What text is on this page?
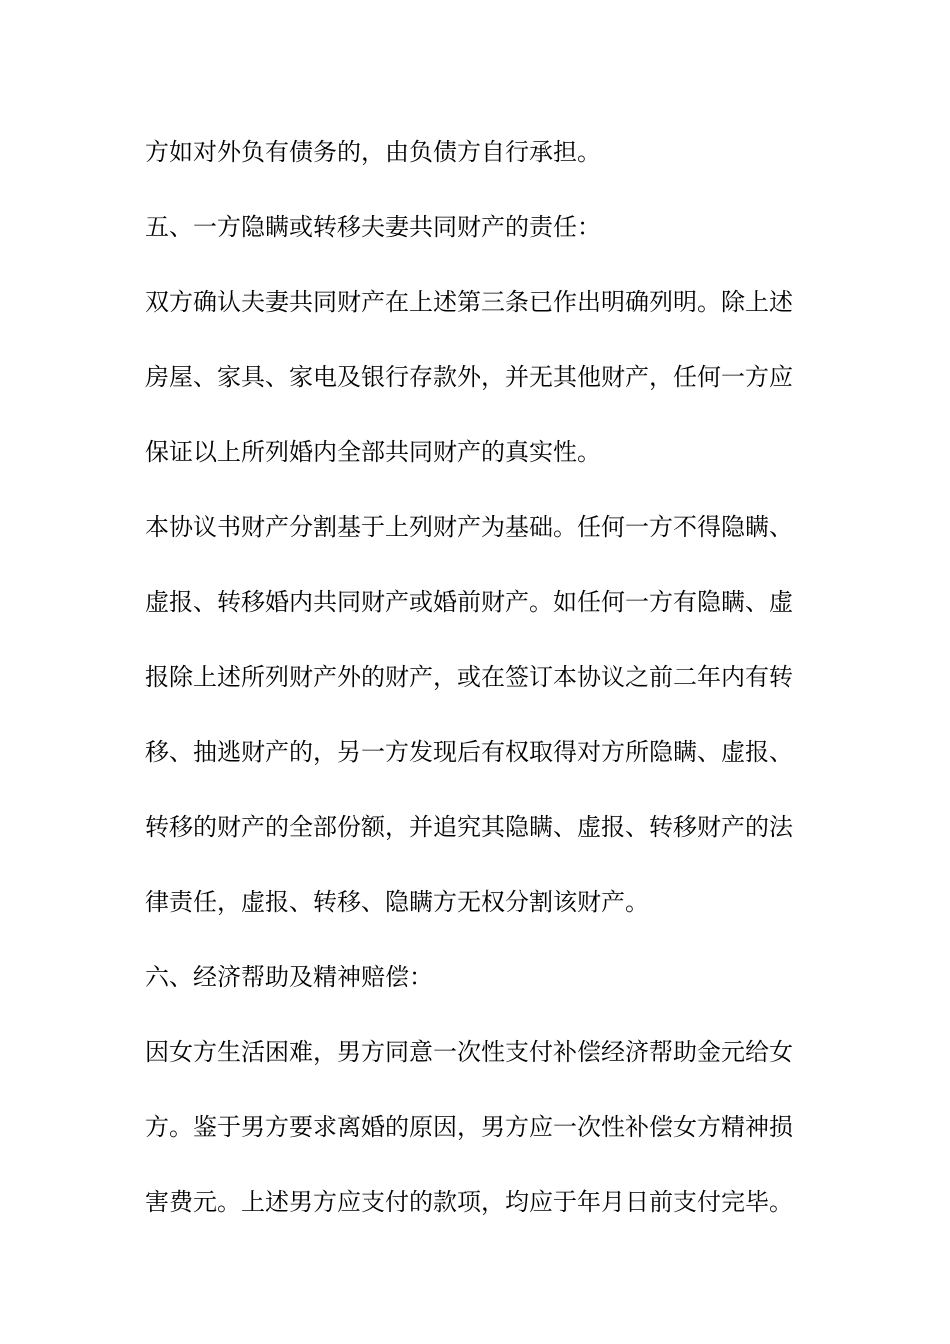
方如对外负有债务的，由负债方自行承担。
五、一方隐瞒或转移夫妻共同财产的责任：
双方确认夫妻共同财产在上述第三条已作出明确列明。除上述
房屋、家具、家电及银行存款外，并无其他财产，任何一方应
保证以上所列婚内全部共同财产的真实性。
本协议书财产分割基于上列财产为基础。任何一方不得隐瞒、
虚报、转移婚内共同财产或婚前财产。如任何一方有隐瞒、虚
报除上述所列财产外的财产，或在签订本协议之前二年内有转
移、抽逃财产的，另一方发现后有权取得对方所隐瞒、虚报、
转移的财产的全部份额，并追究其隐瞒、虚报、转移财产的法
律责任，虚报、转移、隐瞒方无权分割该财产。
六、经济帮助及精神赔偿：
因女方生活困难，男方同意一次性支付补偿经济帮助金元给女
方。鉴于男方要求离婚的原因，男方应一次性补偿女方精神损
害费元。上述男方应支付的款项，均应于年月日前支付完毕。
